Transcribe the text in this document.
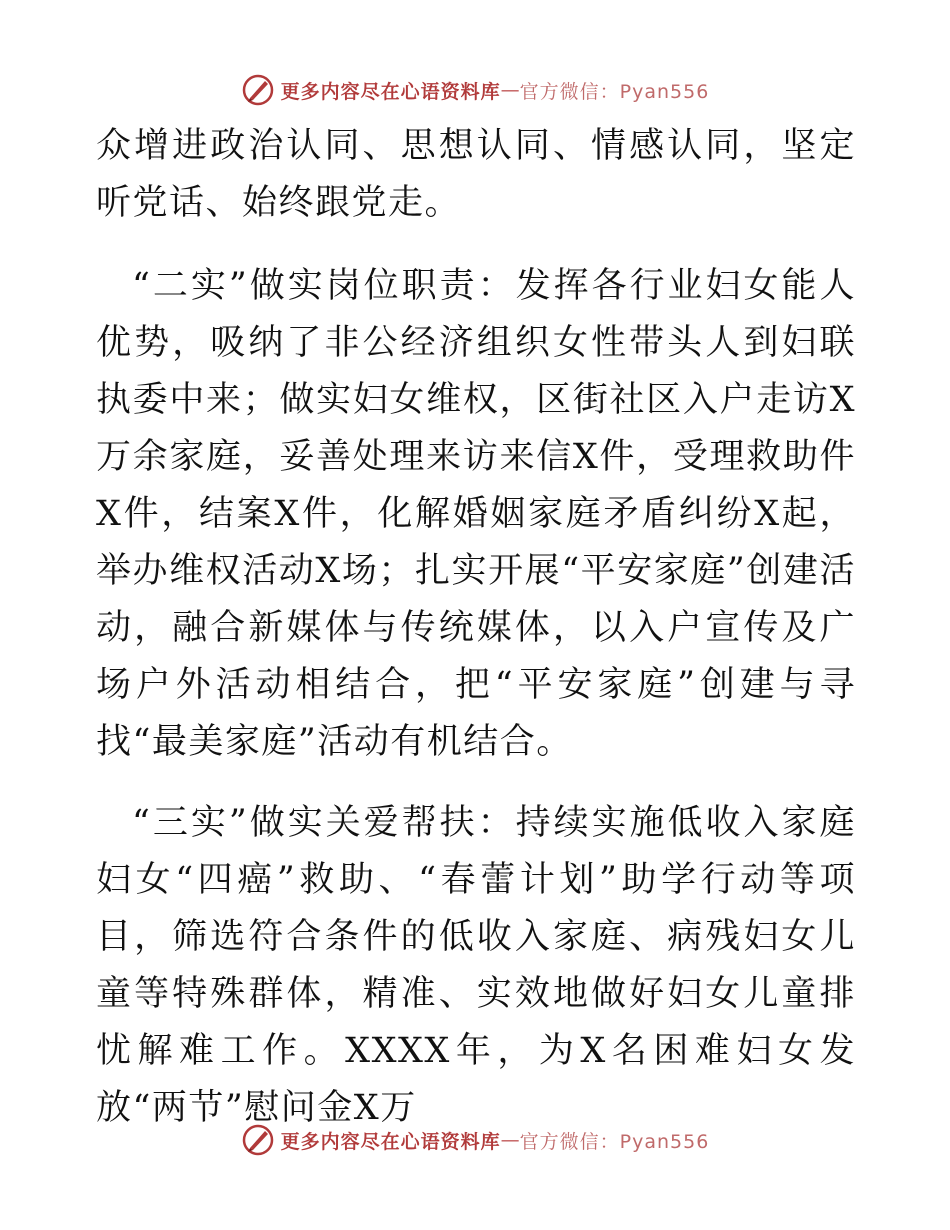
更多内容尽在心语资料库 — 官方微信：Pyan556

众增进政治认同、思想认同、情感认同，坚定听党话、始终跟党走。

“二实”做实岗位职责：发挥各行业妇女能人优势，吸纳了非公经济组织女性带头人到妇联执委中来；做实妇女维权，区街社区入户走访X万余家庭，妥善处理来访来信X件，受理救助件X件，结案X件，化解婚姻家庭矛盾纠纷X起，举办维权活动X场；扎实开展“平安家庭”创建活动，融合新媒体与传统媒体，以入户宣传及广场户外活动相结合，把“平安家庭”创建与寻找“最美家庭”活动有机结合。

“三实”做实关爱帮扶：持续实施低收入家庭妇女“四癌”救助、“春蕾计划”助学行动等项目，筛选符合条件的低收入家庭、病残妇女儿童等特殊群体，精准、实效地做好妇女儿童排忧解难工作。XXXX年，为X名困难妇女发放“两节”慰问金X万

更多内容尽在心语资料库 — 官方微信：Pyan556
